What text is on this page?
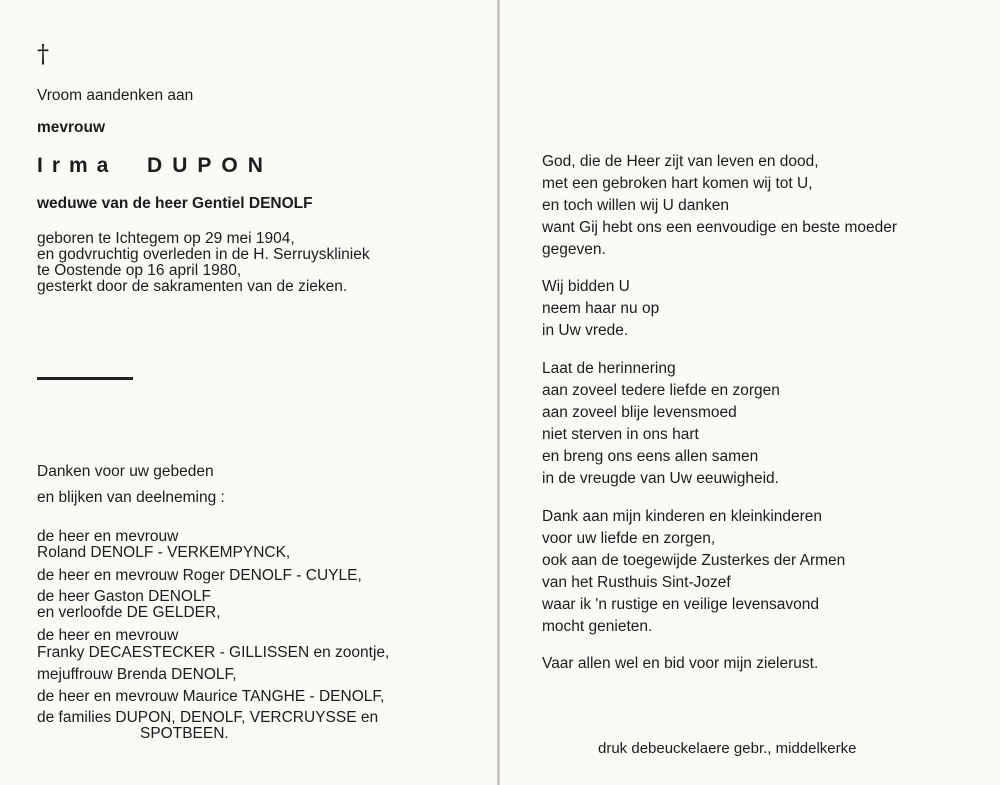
†
Vroom aandenken aan
mevrouw
Irma DUPON
weduwe van de heer Gentiel DENOLF
geboren te Ichtegem op 29 mei 1904,
en godvruchtig overleden in de H. Serruyskliniek
te Oostende op 16 april 1980,
gesterkt door de sakramenten van de zieken.
Danken voor uw gebeden
en blijken van deelneming :
de heer en mevrouw
Roland DENOLF - VERKEMPYNCK,
de heer en mevrouw Roger DENOLF - CUYLE,
de heer Gaston DENOLF
en verloofde DE GELDER,
de heer en mevrouw
Franky DECAESTECKER - GILLISSEN en zoontje,
mejuffrouw Brenda DENOLF,
de heer en mevrouw Maurice TANGHE - DENOLF,
de families DUPON, DENOLF, VERCRUYSSE en
SPOTBEEN.
God, die de Heer zijt van leven en dood,
met een gebroken hart komen wij tot U,
en toch willen wij U danken
want Gij hebt ons een eenvoudige en beste moeder
gegeven.
Wij bidden U
neem haar nu op
in Uw vrede.
Laat de herinnering
aan zoveel tedere liefde en zorgen
aan zoveel blije levensmoed
niet sterven in ons hart
en breng ons eens allen samen
in de vreugde van Uw eeuwigheid.
Dank aan mijn kinderen en kleinkinderen
voor uw liefde en zorgen,
ook aan de toegewijde Zusterkes der Armen
van het Rusthuis Sint-Jozef
waar ik 'n rustige en veilige levensavond
mocht genieten.
Vaar allen wel en bid voor mijn zielerust.
druk debeuckelaere gebr., middelkerke
